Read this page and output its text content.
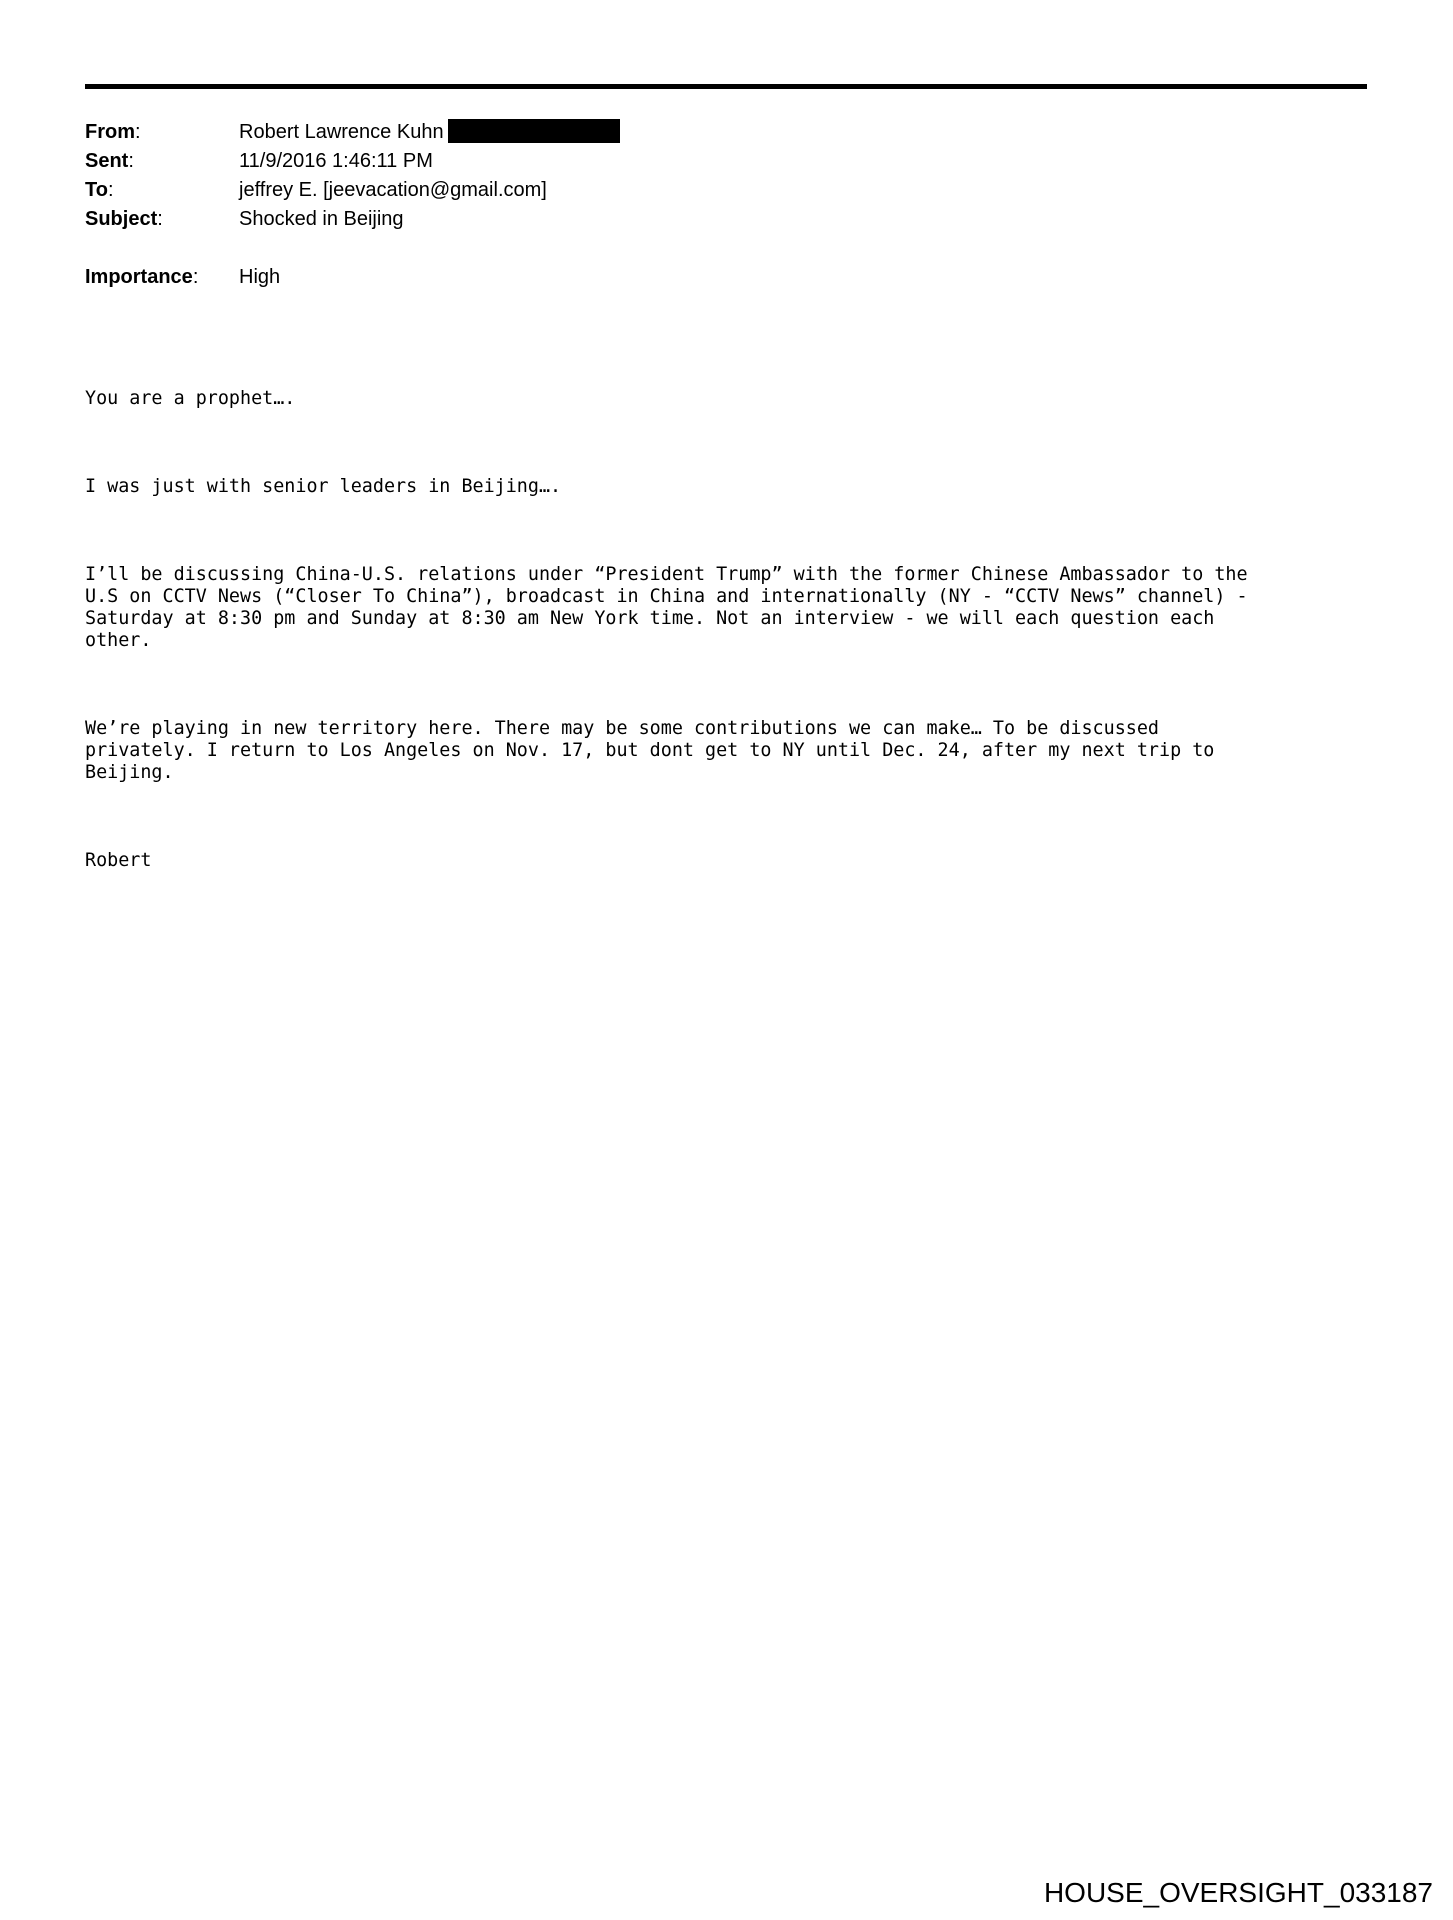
From:	Robert Lawrence Kuhn
Sent:	11/9/2016 1:46:11 PM
To:	jeffrey E. [jeevacation@gmail.com]
Subject:	Shocked in Beijing
Importance: High

You are a prophet….

I was just with senior leaders in Beijing….

I’ll be discussing China-U.S. relations under “President Trump” with the former Chinese Ambassador to the
U.S on CCTV News (“Closer To China”), broadcast in China and internationally (NY - “CCTV News” channel) -
Saturday at 8:30 pm and Sunday at 8:30 am New York time. Not an interview - we will each question each
other.

We’re playing in new territory here. There may be some contributions we can make… To be discussed
privately. I return to Los Angeles on Nov. 17, but dont get to NY until Dec. 24, after my next trip to
Beijing.

Robert

HOUSE_OVERSIGHT_033187
